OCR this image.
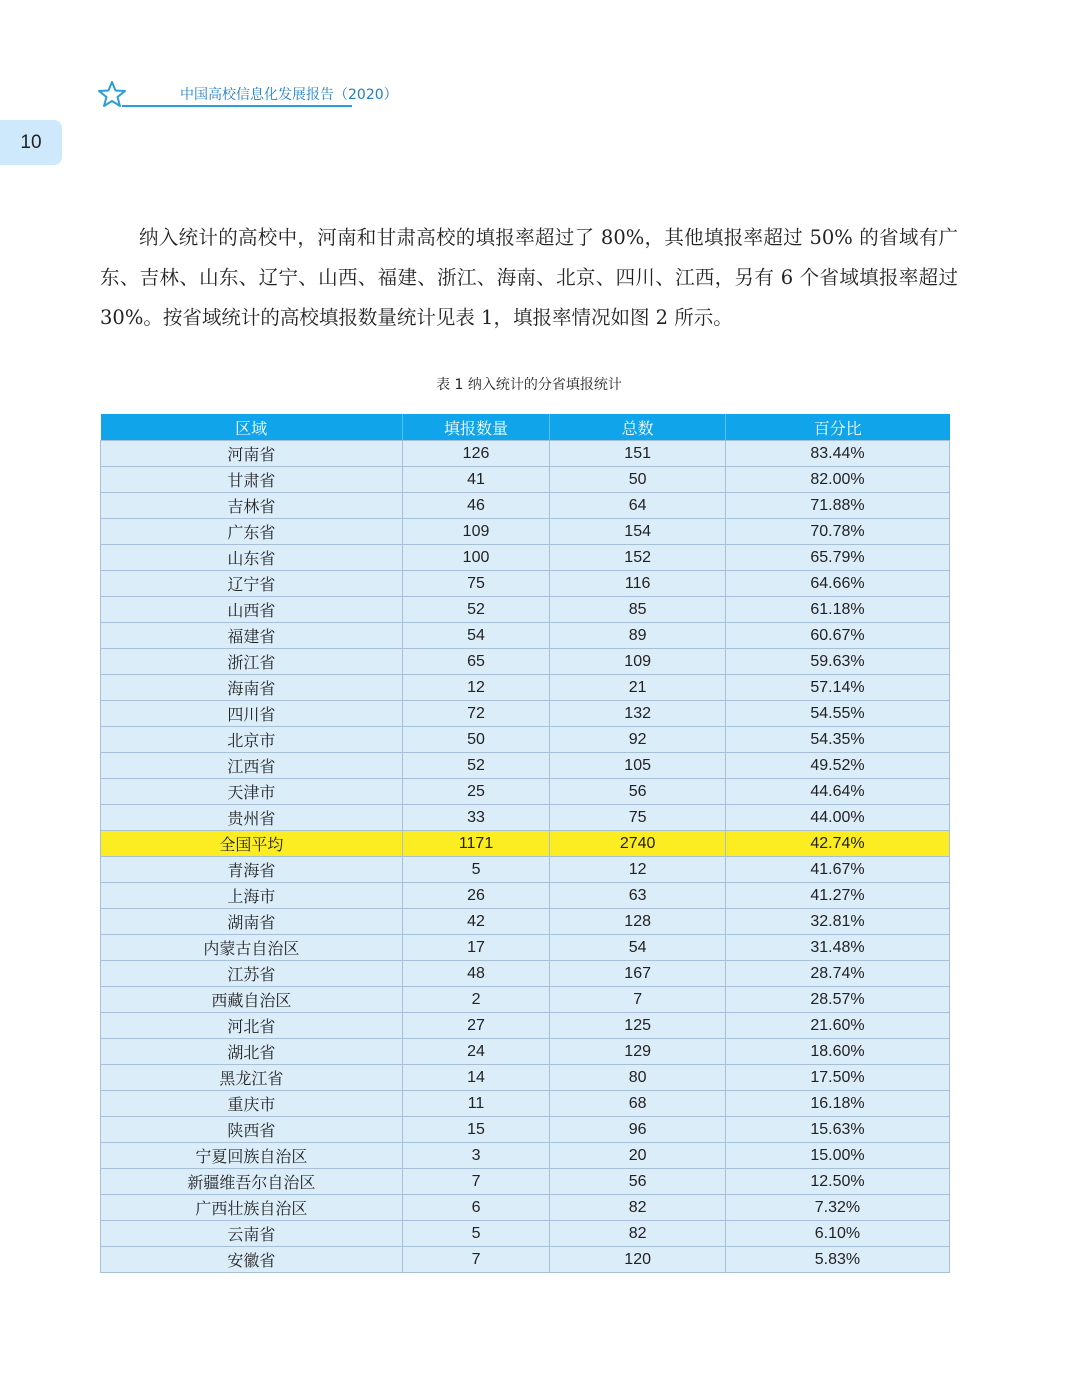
中国高校信息化发展报告（2020）
10

纳入统计的高校中，河南和甘肃高校的填报率超过了 80%，其他填报率超过 50% 的省域有广东、吉林、山东、辽宁、山西、福建、浙江、海南、北京、四川、江西，另有 6 个省域填报率超过 30%。按省域统计的高校填报数量统计见表 1，填报率情况如图 2 所示。

表 1 纳入统计的分省填报统计
区域	填报数量	总数	百分比
河南省	126	151	83.44%
甘肃省	41	50	82.00%
吉林省	46	64	71.88%
广东省	109	154	70.78%
山东省	100	152	65.79%
辽宁省	75	116	64.66%
山西省	52	85	61.18%
福建省	54	89	60.67%
浙江省	65	109	59.63%
海南省	12	21	57.14%
四川省	72	132	54.55%
北京市	50	92	54.35%
江西省	52	105	49.52%
天津市	25	56	44.64%
贵州省	33	75	44.00%
全国平均	1171	2740	42.74%
青海省	5	12	41.67%
上海市	26	63	41.27%
湖南省	42	128	32.81%
内蒙古自治区	17	54	31.48%
江苏省	48	167	28.74%
西藏自治区	2	7	28.57%
河北省	27	125	21.60%
湖北省	24	129	18.60%
黑龙江省	14	80	17.50%
重庆市	11	68	16.18%
陕西省	15	96	15.63%
宁夏回族自治区	3	20	15.00%
新疆维吾尔自治区	7	56	12.50%
广西壮族自治区	6	82	7.32%
云南省	5	82	6.10%
安徽省	7	120	5.83%
